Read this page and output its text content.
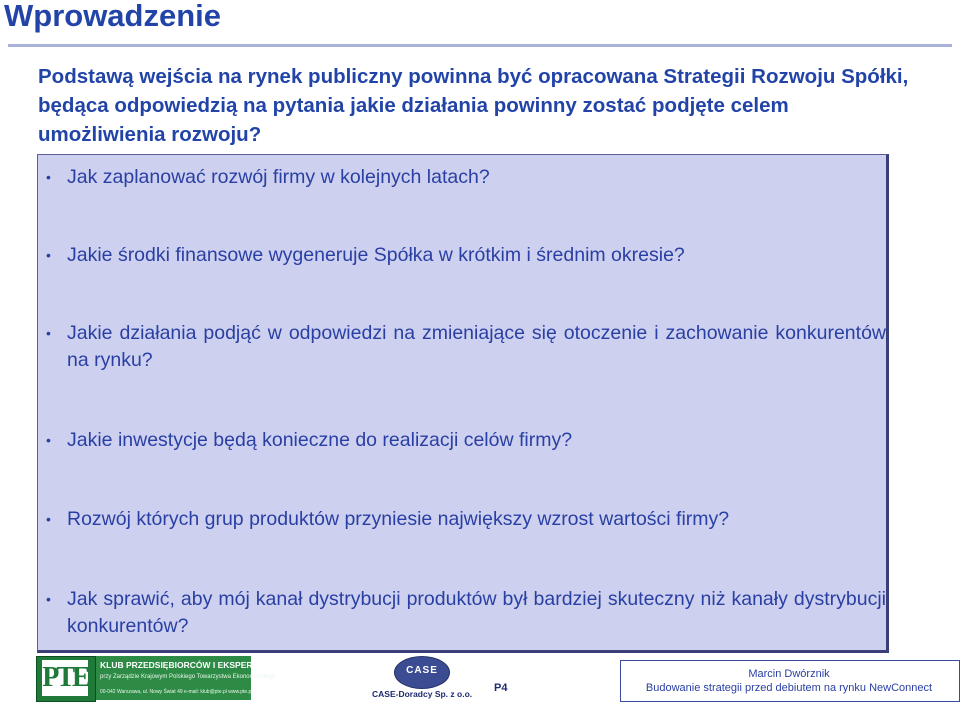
Wprowadzenie

Podstawą wejścia na rynek publiczny powinna być opracowana Strategii Rozwoju Spółki, będąca odpowiedzią na pytania jakie działania powinny zostać podjęte celem umożliwienia rozwoju?

• Jak zaplanować rozwój firmy w kolejnych latach?
• Jakie środki finansowe wygeneruje Spółka w krótkim i średnim okresie?
• Jakie działania podjąć w odpowiedzi na zmieniające się otoczenie i zachowanie konkurentów na rynku?
• Jakie inwestycje będą konieczne do realizacji celów firmy?
• Rozwój których grup produktów przyniesie największy wzrost wartości firmy?
• Jak sprawić, aby mój kanał dystrybucji produktów był bardziej skuteczny niż kanały dystrybucji konkurentów?
PTE KLUB PRZEDSIĘBIORCÓW I EKSPERTÓW
przy Zarządzie Krajowym Polskiego Towarzystwa Ekonomicznego
00-042 Warszawa, ul. Nowy Świat 49 e-mail: klub@pte.pl www.pte.pl
CASE
CASE-Doradcy Sp. z o.o. P4
Marcin Dwórznik
Budowanie strategii przed debiutem na rynku NewConnect
